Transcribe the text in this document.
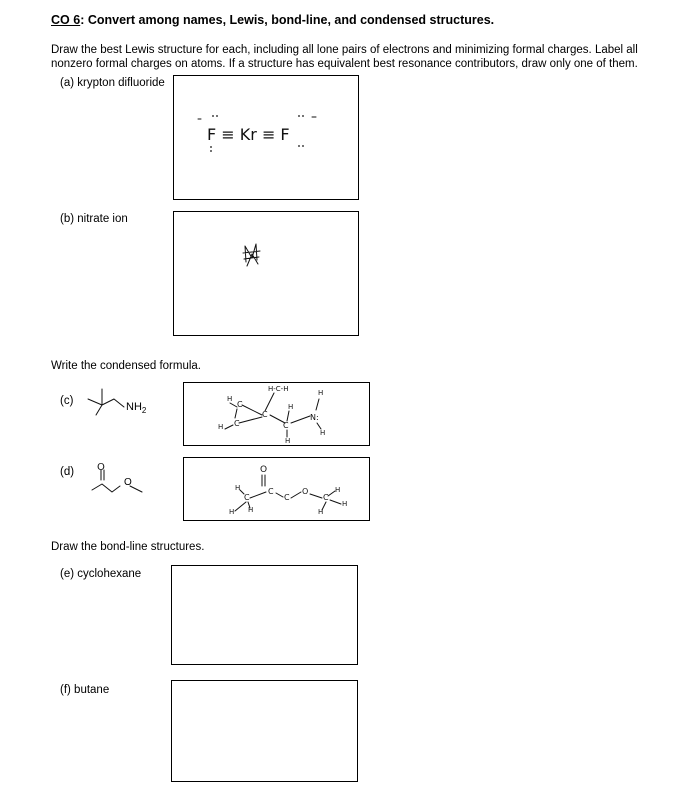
CO 6: Convert among names, Lewis, bond-line, and condensed structures.
Draw the best Lewis structure for each, including all lone pairs of electrons and minimizing formal charges. Label all nonzero formal charges on atoms. If a structure has equivalent best resonance contributors, draw only one of them.
(a) krypton difluoride
F ≡ Kr ≡ F
(b) nitrate ion
Write the condensed formula.
(c)	$NH_2$
H-C-H
H
C	H
H C
C
C
N:
H
H
H
(d) O
O
O
H
C
C
C
O	H
H H	H
C
H
Draw the bond-line structures.
(e) cyclohexane
(f) butane
